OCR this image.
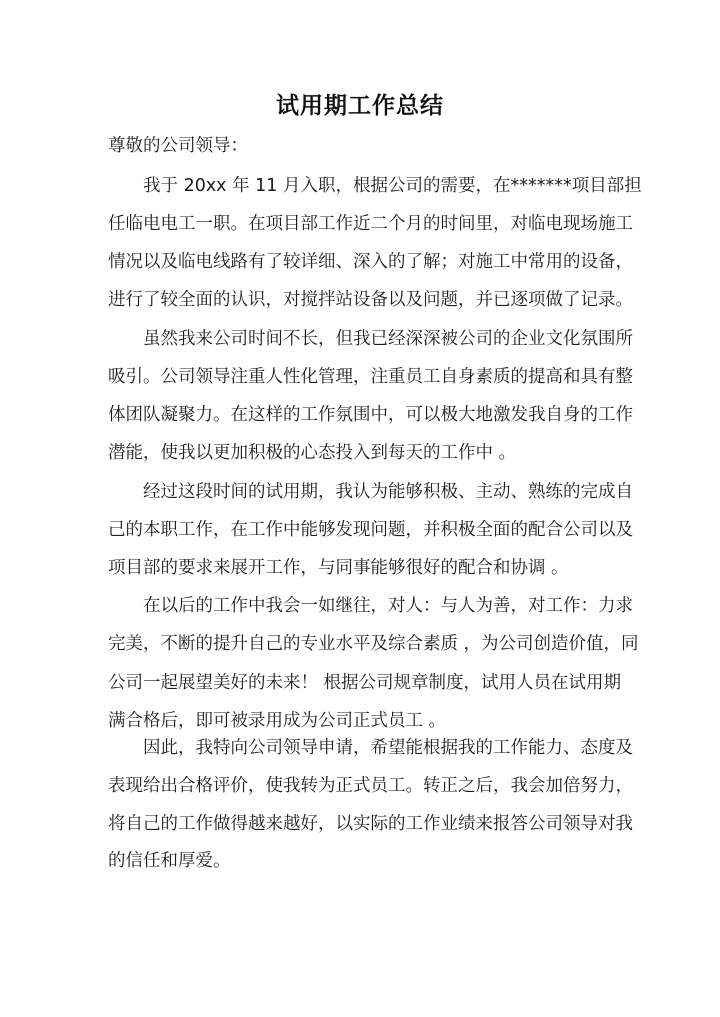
试用期工作总结
尊敬的公司领导：
我于 20xx 年 11 月入职，根据公司的需要，在*******项目部担
任临电电工一职。在项目部工作近二个月的时间里，对临电现场施工
情况以及临电线路有了较详细、深入的了解；对施工中常用的设备，
进行了较全面的认识，对搅拌站设备以及问题，并已逐项做了记录。
虽然我来公司时间不长，但我已经深深被公司的企业文化氛围所
吸引。公司领导注重人性化管理，注重员工自身素质的提高和具有整
体团队凝聚力。在这样的工作氛围中，可以极大地激发我自身的工作
潜能，使我以更加积极的心态投入到每天的工作中 。
经过这段时间的试用期，我认为能够积极、主动、熟练的完成自
己的本职工作，在工作中能够发现问题，并积极全面的配合公司以及
项目部的要求来展开工作，与同事能够很好的配合和协调 。
在以后的工作中我会一如继往，对人：与人为善，对工作：力求
完美，不断的提升自己的专业水平及综合素质 ，为公司创造价值，同
公司一起展望美好的未来！ 根据公司规章制度，试用人员在试用期
满合格后，即可被录用成为公司正式员工 。
因此，我特向公司领导申请，希望能根据我的工作能力、态度及
表现给出合格评价，使我转为正式员工。转正之后，我会加倍努力，
将自己的工作做得越来越好，以实际的工作业绩来报答公司领导对我
的信任和厚爱。
